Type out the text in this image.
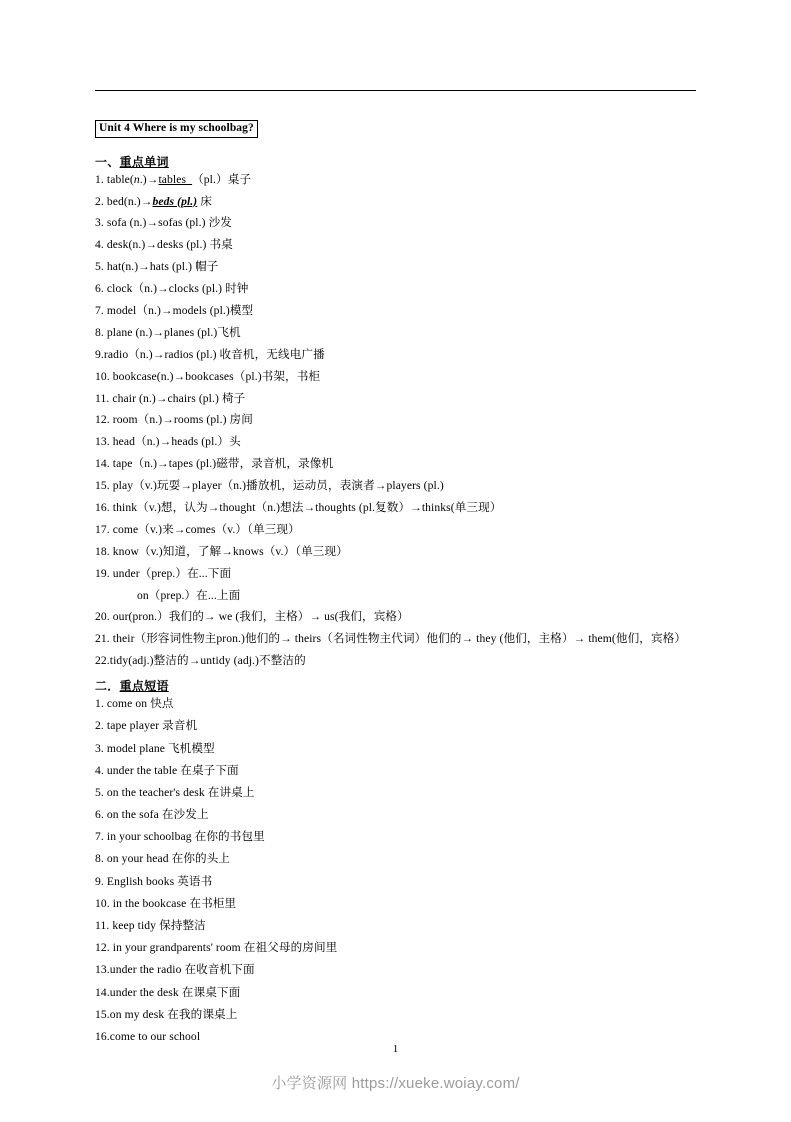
Unit 4 Where is my schoolbag?
一、重点单词
1. table(n.)→tables  （pl.）桌子
2. bed(n.)→beds (pl.) 床
3. sofa (n.)→sofas (pl.) 沙发
4. desk(n.)→desks (pl.) 书桌
5. hat(n.)→hats (pl.) 帽子
6. clock（n.)→clocks (pl.) 时钟
7. model（n.)→models (pl.)模型
8. plane (n.)→planes (pl.)飞机
9.radio（n.)→radios (pl.) 收音机，无线电广播
10. bookcase(n.)→bookcases（pl.)书架，书柜
11. chair (n.)→chairs (pl.) 椅子
12. room（n.)→rooms (pl.) 房间
13. head（n.)→heads (pl.）头
14. tape（n.)→tapes (pl.)磁带，录音机，录像机
15. play（v.)玩耍→player（n.)播放机，运动员，表演者→players (pl.)
16. think（v.)想，认为→thought（n.)想法→thoughts (pl.复数）→thinks(单三现）
17. come（v.)来→comes（v.）（单三现）
18. know（v.)知道，了解→knows（v.）（单三现）
19. under（prep.）在...下面
on（prep.）在...上面
20. our(pron.）我们的→ we (我们，主格）→ us(我们，宾格）
21. their（形容词性物主pron.)他们的→ theirs（名词性物主代词）他们的→ they (他们，主格）→ them(他们，宾格）
22.tidy(adj.)整洁的→untidy (adj.)不整洁的
二．重点短语
1. come on 快点
2. tape player 录音机
3. model plane 飞机模型
4. under the table 在桌子下面
5. on the teacher's desk 在讲桌上
6. on the sofa 在沙发上
7. in your schoolbag 在你的书包里
8. on your head 在你的头上
9. English books 英语书
10. in the bookcase 在书柜里
11. keep tidy 保持整洁
12. in your grandparents' room 在祖父母的房间里
13.under the radio 在收音机下面
14.under the desk 在课桌下面
15.on my desk 在我的课桌上
16.come to our school
1
小学资源网 https://xueke.woiay.com/
